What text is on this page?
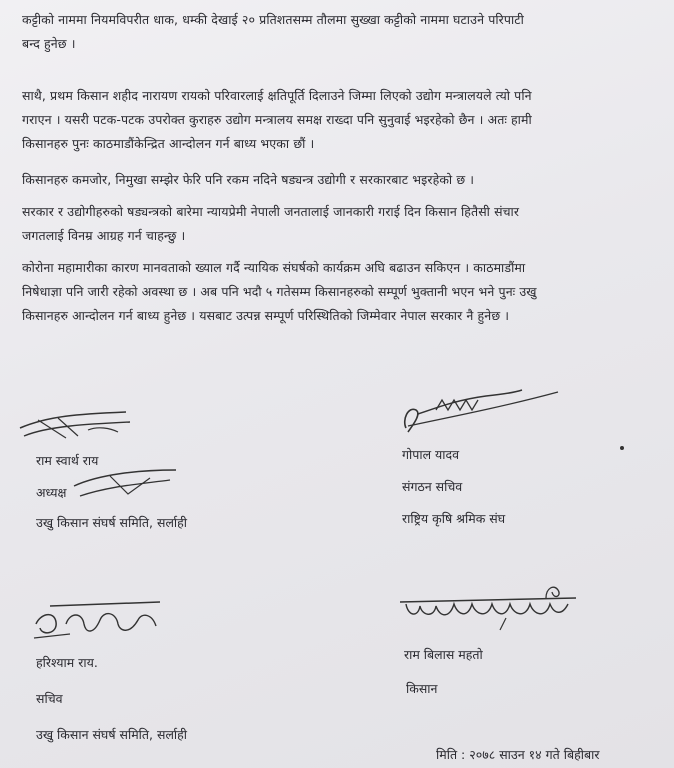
कट्टीको नाममा नियमविपरीत धाक, धम्की देखाई २० प्रतिशतसम्म तौलमा सुख्खा कट्टीको नाममा घटाउने परिपाटी
बन्द हुनेछ ।

साथै, प्रथम किसान शहीद नारायण रायको परिवारलाई क्षतिपूर्ति दिलाउने जिम्मा लिएको उद्योग मन्त्रालयले त्यो पनि
गराएन । यसरी पटक-पटक उपरोक्त कुराहरु उद्योग मन्त्रालय समक्ष राख्दा पनि सुनुवाई भइरहेको छैन । अतः हामी
किसानहरु पुनः काठमाडौंकेन्द्रित आन्दोलन गर्न बाध्य भएका छौं ।

किसानहरु कमजोर, निमुखा सम्झेर फेरि पनि रकम नदिने षड्यन्त्र उद्योगी र सरकारबाट भइरहेको छ ।

सरकार र उद्योगीहरुको षड्यन्त्रको बारेमा न्यायप्रेमी नेपाली जनतालाई जानकारी गराई दिन किसान हितैसी संचार
जगतलाई विनम्र आग्रह गर्न चाहन्छु ।

कोरोना महामारीका कारण मानवताको ख्याल गर्दै न्यायिक संघर्षको कार्यक्रम अघि बढाउन सकिएन । काठमाडौंमा
निषेधाज्ञा पनि जारी रहेको अवस्था छ । अब पनि भदौ ५ गतेसम्म किसानहरुको सम्पूर्ण भुक्तानी भएन भने पुनः उखु
किसानहरु आन्दोलन गर्न बाध्य हुनेछ । यसबाट उत्पन्न सम्पूर्ण परिस्थितिको जिम्मेवार नेपाल सरकार नै हुनेछ ।

राम स्वार्थ राय
अध्यक्ष
उखु किसान संघर्ष समिति, सर्लाही
गोपाल यादव
संगठन सचिव
राष्ट्रिय कृषि श्रमिक संघ
हरिश्याम राय.
सचिव
उखु किसान संघर्ष समिति, सर्लाही
राम बिलास महतो
किसान
मिति : २०७८ साउन १४ गते बिहीबार
